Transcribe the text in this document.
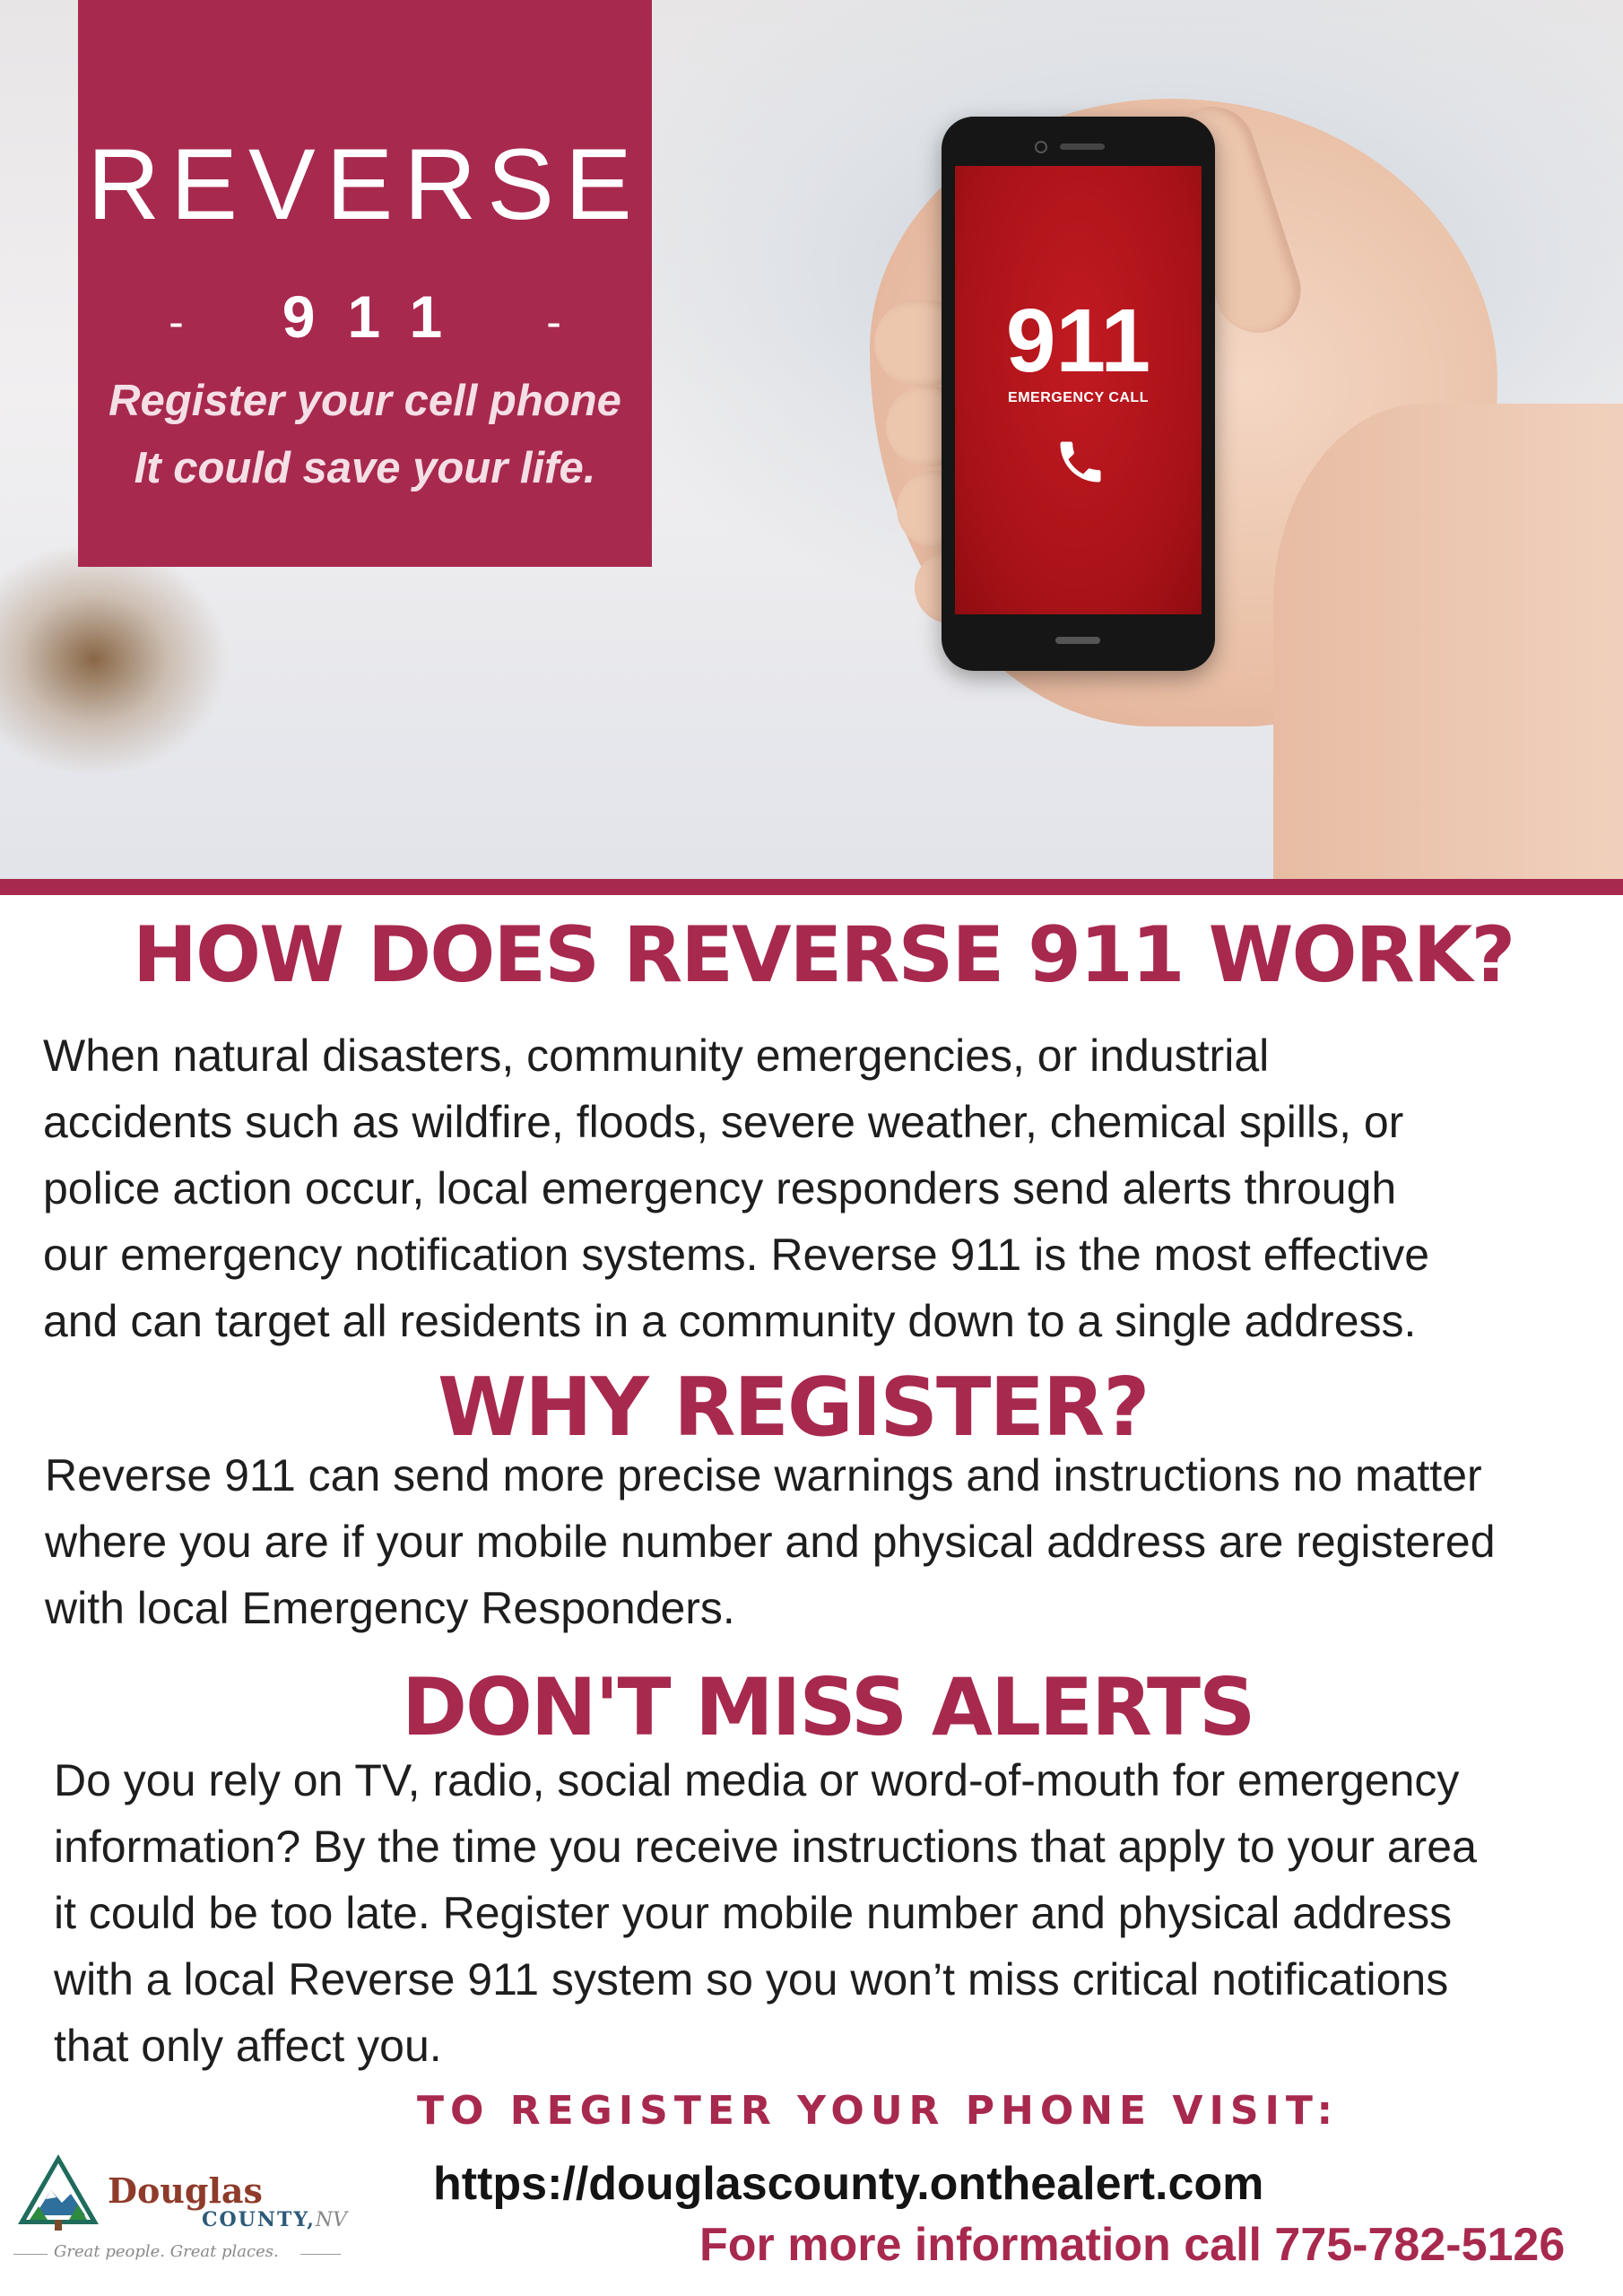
911
EMERGENCY CALL
REVERSE
- 911 -
Register your cell phone
It could save your life.
HOW DOES REVERSE 911 WORK?
When natural disasters, community emergencies, or industrial
accidents such as wildfire, floods, severe weather, chemical spills, or
police action occur, local emergency responders send alerts through
our emergency notification systems. Reverse 911 is the most effective
and can target all residents in a community down to a single address.
WHY REGISTER?
Reverse 911 can send more precise warnings and instructions no matter
where you are if your mobile number and physical address are registered
with local Emergency Responders.
DON'T MISS ALERTS
Do you rely on TV, radio, social media or word-of-mouth for emergency
information? By the time you receive instructions that apply to your area
it could be too late. Register your mobile number and physical address
with a local Reverse 911 system so you won’t miss critical notifications
that only affect you.
TO REGISTER YOUR PHONE VISIT:
https://douglascounty.onthealert.com
For more information call 775-782-5126
Douglas
COUNTY,NV
Great people. Great places.
